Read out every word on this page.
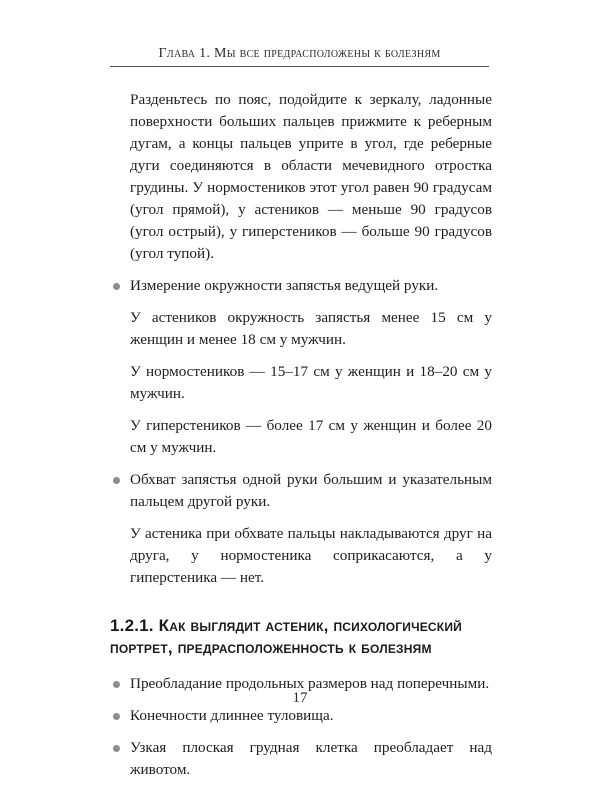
Глава 1. Мы все предрасположены к болезням

Разденьтесь по пояс, подойдите к зеркалу, ладонные поверхности больших пальцев прижмите к реберным дугам, а концы пальцев уприте в угол, где реберные дуги соединяются в области мечевидного отростка грудины. У нормостеников этот угол равен 90 градусам (угол прямой), у астеников — меньше 90 градусов (угол острый), у гиперстеников — больше 90 градусов (угол тупой).

Измерение окружности запястья ведущей руки.

У астеников окружность запястья менее 15 см у женщин и менее 18 см у мужчин.

У нормостеников — 15–17 см у женщин и 18–20 см у мужчин.

У гиперстеников — более 17 см у женщин и более 20 см у мужчин.

Обхват запястья одной руки большим и указательным пальцем другой руки.

У астеника при обхвате пальцы накладываются друг на друга, у нормостеника соприкасаются, а у гиперстеника — нет.

1.2.1. Как выглядит астеник, психологический портрет, предрасположенность к болезням
Преобладание продольных размеров над поперечными.
Конечности длиннее туловища.
Узкая плоская грудная клетка преобладает над животом.
17
